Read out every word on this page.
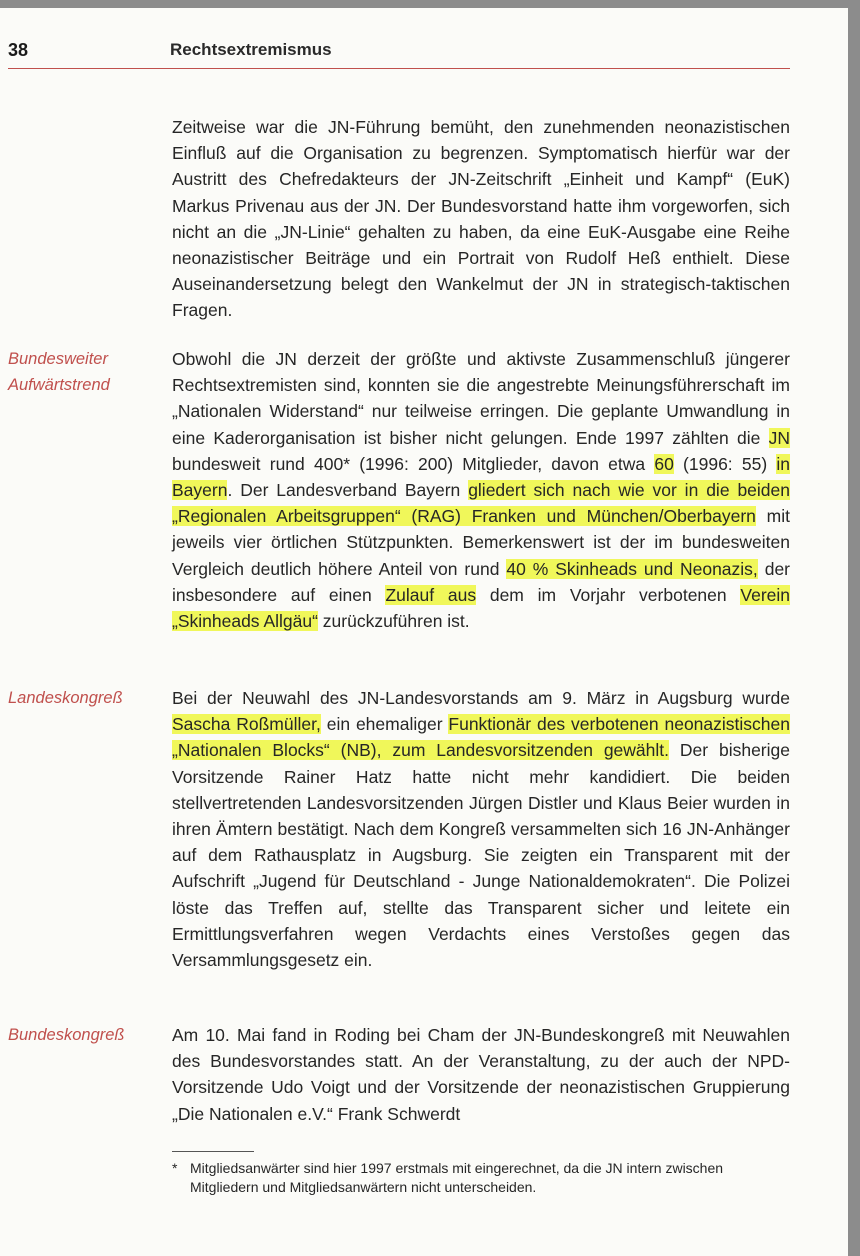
38	Rechtsextremismus

Zeitweise war die JN-Führung bemüht, den zunehmenden neonazistischen Einfluß auf die Organisation zu begrenzen. Symptomatisch hierfür war der Austritt des Chefredakteurs der JN-Zeitschrift „Einheit und Kampf“ (EuK) Markus Privenau aus der JN. Der Bundesvorstand hatte ihm vorgeworfen, sich nicht an die „JN-Linie“ gehalten zu haben, da eine EuK-Ausgabe eine Reihe neonazistischer Beiträge und ein Portrait von Rudolf Heß enthielt. Diese Auseinandersetzung belegt den Wankelmut der JN in strategisch-taktischen Fragen.

Bundesweiter
Aufwärtstrend

Obwohl die JN derzeit der größte und aktivste Zusammenschluß jüngerer Rechtsextremisten sind, konnten sie die angestrebte Meinungsführerschaft im „Nationalen Widerstand“ nur teilweise erringen. Die geplante Umwandlung in eine Kaderorganisation ist bisher nicht gelungen. Ende 1997 zählten die JN bundesweit rund 400* (1996: 200) Mitglieder, davon etwa 60 (1996: 55) in Bayern. Der Landesverband Bayern gliedert sich nach wie vor in die beiden „Regionalen Arbeitsgruppen“ (RAG) Franken und München/Oberbayern mit jeweils vier örtlichen Stützpunkten. Bemerkenswert ist der im bundesweiten Vergleich deutlich höhere Anteil von rund 40 % Skinheads und Neonazis, der insbesondere auf einen Zulauf aus dem im Vorjahr verbotenen Verein „Skinheads Allgäu“ zurückzuführen ist.

Landeskongreß	Bei der Neuwahl des JN-Landesvorstands am 9. März in Augsburg wurde Sascha Roßmüller, ein ehemaliger Funktionär des verbotenen neonazistischen „Nationalen Blocks“ (NB), zum Landesvorsitzenden gewählt. Der bisherige Vorsitzende Rainer Hatz hatte nicht mehr kandidiert. Die beiden stellvertretenden Landesvorsitzenden Jürgen Distler und Klaus Beier wurden in ihren Ämtern bestätigt. Nach dem Kongreß versammelten sich 16 JN-Anhänger auf dem Rathausplatz in Augsburg. Sie zeigten ein Transparent mit der Aufschrift „Jugend für Deutschland - Junge Nationaldemokraten“. Die Polizei löste das Treffen auf, stellte das Transparent sicher und leitete ein Ermittlungsverfahren wegen Verdachts eines Verstoßes gegen das Versammlungsgesetz ein.

Bundeskongreß	Am 10. Mai fand in Roding bei Cham der JN-Bundeskongreß mit Neuwahlen des Bundesvorstandes statt. An der Veranstaltung, zu der auch der NPD-Vorsitzende Udo Voigt und der Vorsitzende der neonazistischen Gruppierung „Die Nationalen e.V.“ Frank Schwerdt

* Mitgliedsanwärter sind hier 1997 erstmals mit eingerechnet, da die JN intern zwischen Mitgliedern und Mitgliedsanwärtern nicht unterscheiden.
